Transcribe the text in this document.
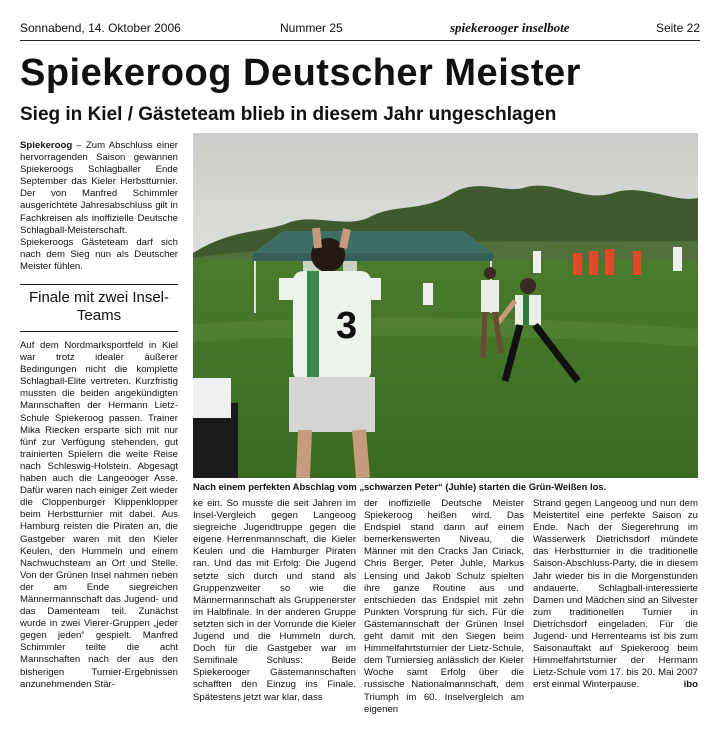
Sonnabend, 14. Oktober 2006	Nummer 25	spiekerooger inselbote	Seite 22
Spiekeroog Deutscher Meister
Sieg in Kiel / Gästeteam blieb in diesem Jahr ungeschlagen

Spiekeroog – Zum Abschluss einer hervorragenden Saison gewannen Spiekeroogs Schlagballer Ende September das Kieler Herbstturnier. Der von Manfred Schimmler ausgerichtete Jahresabschluss gilt in Fachkreisen als inoffizielle Deutsche Schlagball-Meisterschaft. Spiekeroogs Gästeteam darf sich nach dem Sieg nun als Deutscher Meister fühlen.

Finale mit zwei Insel-Teams

Auf dem Nordmarksportfeld in Kiel war trotz idealer äußerer Bedingungen nicht die komplette Schlagball-Elite vertreten. Kurzfristig mussten die beiden angekündigten Mannschaften der Hermann Lietz-Schule Spiekeroog passen. Trainer Mika Riecken ersparte sich mit nur fünf zur Verfügung stehenden, gut trainierten Spielern die weite Reise nach Schleswig-Holstein. Abgesagt haben auch die Langeooger Asse. Dafür waren nach einiger Zeit wieder die Cloppenburger Klippenklopper beim Herbstturnier mit dabei. Aus Hamburg reisten die Piraten an, die Gastgeber waren mit den Kieler Keulen, den Hummeln und einem Nachwuchsteam an Ort und Stelle. Von der Grünen Insel nahmen neben der am Ende siegreichen Männermannschaft das Jugend- und das Damenteam teil. Zunächst wurde in zwei Vierer-Gruppen „jeder gegen jeden“ gespielt. Manfred Schimmler teilte die acht Mannschaften nach der aus den bisherigen Turnier-Ergebnissen anzunehmenden Stär-

3
Nach einem perfekten Abschlag vom „schwarzen Peter“ (Juhle) starten die Grün-Weißen los.

ke ein. So musste die seit Jahren im Insel-Vergleich gegen Langeoog siegreiche Jugendtruppe gegen die eigene Herrenmannschaft, die Kieler Keulen und die Hamburger Piraten ran. Und das mit Erfolg: Die Jugend setzte sich durch und stand als Gruppenzweiter so wie die Männermannschaft als Gruppenerster im Halbfinale. In der anderen Gruppe setzten sich in der Vorrunde die Kieler Jugend und die Hummeln durch. Doch für die Gastgeber war im Semifinale Schluss: Beide Spiekerooger Gästemannschaften schafften den Einzug ins Finale. Spätestens jetzt war klar, dass

der inoffizielle Deutsche Meister Spiekeroog heißen wird. Das Endspiel stand dann auf einem bemerkenswerten Niveau, die Männer mit den Cracks Jan Ciriack, Chris Berger, Peter Juhle, Markus Lensing und Jakob Schulz spielten ihre ganze Routine aus und entschieden das Endspiel mit zehn Punkten Vorsprung für sich. Für die Gästemannschaft der Grünen Insel geht damit mit den Siegen beim Himmelfahrtsturnier der Lietz-Schule, dem Turniersieg anlässlich der Kieler Woche samt Erfolg über die russische Nationalmannschaft, dem Triumph im 60. Inselvergleich am eigenen

Strand gegen Langeoog und nun dem Meistertitel eine perfekte Saison zu Ende. Nach der Siegerehrung im Wasserwerk Dietrichsdorf mündete das Herbstturnier in die traditionelle Saison-Abschluss-Party, die in diesem Jahr wieder bis in die Morgenstunden andauerte. Schlagball-interessierte Damen und Mädchen sind an Silvester zum traditionellen Turnier in Dietrichsdorf eingeladen. Für die Jugend- und Herrenteams ist bis zum Saisonauftakt auf Spiekeroog beim Himmelfahrtsturnier der Hermann Lietz-Schule vom 17. bis 20. Mai 2007 erst einmal Winterpause.	ibo
